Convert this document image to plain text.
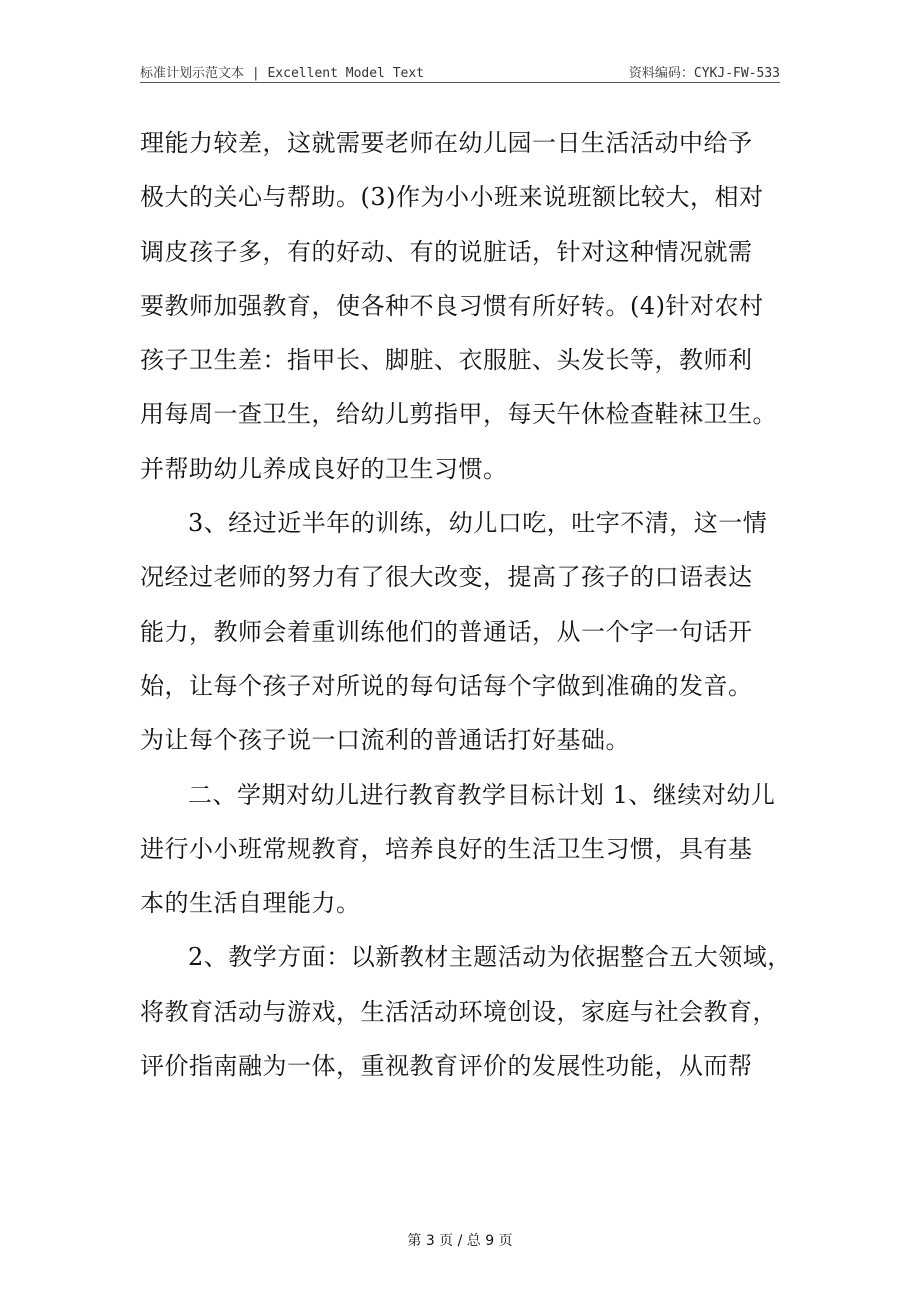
标准计划示范文本 | Excellent Model Text	资料编码：CYKJ-FW-533
理能力较差，这就需要老师在幼儿园一日生活活动中给予
极大的关心与帮助。(3)作为小小班来说班额比较大，相对
调皮孩子多，有的好动、有的说脏话，针对这种情况就需
要教师加强教育，使各种不良习惯有所好转。(4)针对农村
孩子卫生差：指甲长、脚脏、衣服脏、头发长等，教师利
用每周一查卫生，给幼儿剪指甲，每天午休检查鞋袜卫生。
并帮助幼儿养成良好的卫生习惯。
3、经过近半年的训练，幼儿口吃，吐字不清，这一情
况经过老师的努力有了很大改变，提高了孩子的口语表达
能力，教师会着重训练他们的普通话，从一个字一句话开
始，让每个孩子对所说的每句话每个字做到准确的发音。
为让每个孩子说一口流利的普通话打好基础。
二、学期对幼儿进行教育教学目标计划 1、继续对幼儿
进行小小班常规教育，培养良好的生活卫生习惯，具有基
本的生活自理能力。
2、教学方面：以新教材主题活动为依据整合五大领域，
将教育活动与游戏，生活活动环境创设，家庭与社会教育，
评价指南融为一体，重视教育评价的发展性功能，从而帮
第 3 页 / 总 9 页
